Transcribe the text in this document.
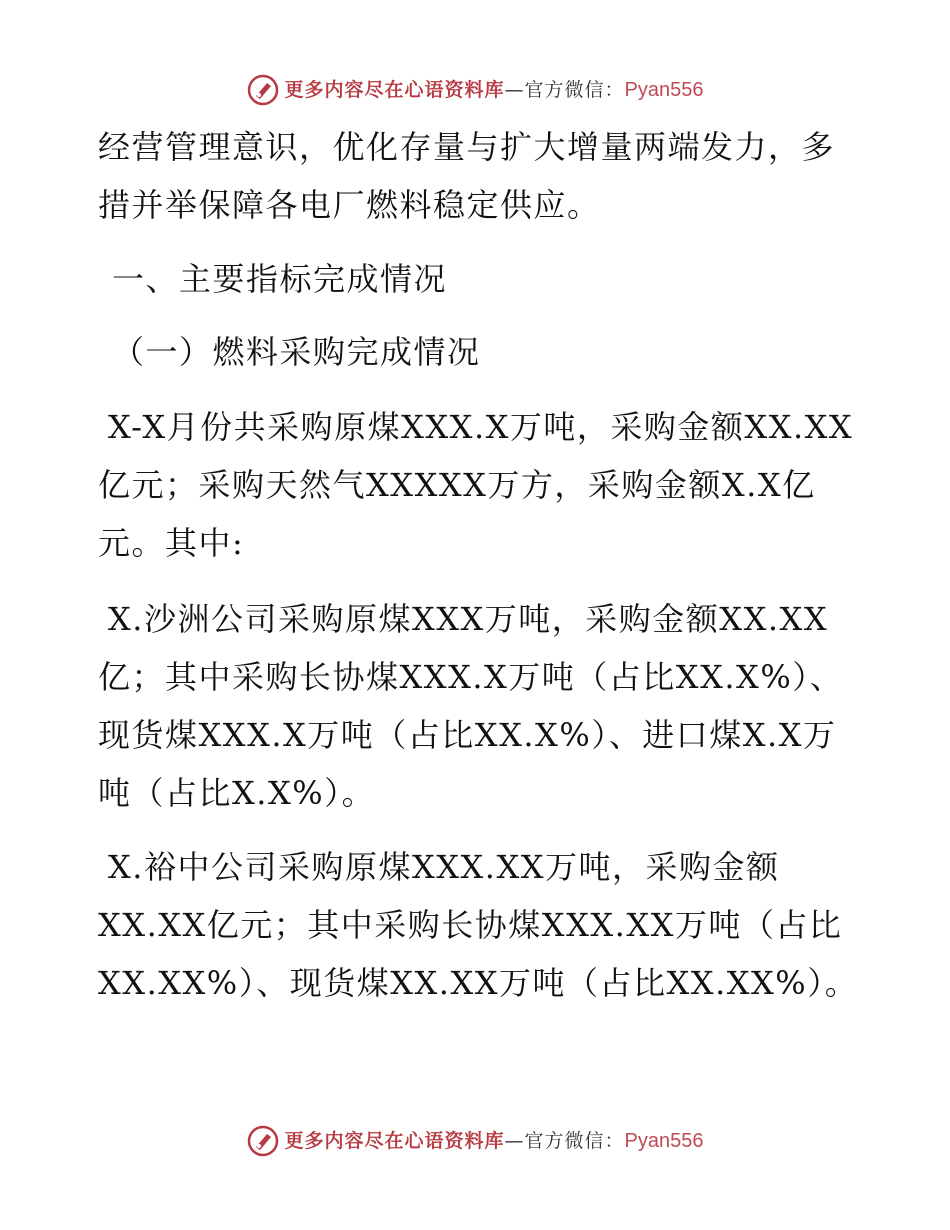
更多内容尽在心语资料库 — 官方微信： Pyan556
经营管理意识，优化存量与扩大增量两端发力，多
措并举保障各电厂燃料稳定供应。
一、主要指标完成情况
（一）燃料采购完成情况
X-X月份共采购原煤XXX.X万吨，采购金额XX.XX
亿元；采购天然气XXXXX万方，采购金额X.X亿
元。其中:
X.沙洲公司采购原煤XXX万吨，采购金额XX.XX
亿；其中采购长协煤XXX.X万吨（占比XX.X%）、
现货煤XXX.X万吨（占比XX.X%）、进口煤X.X万
吨（占比X.X%）。
X.裕中公司采购原煤XXX.XX万吨，采购金额
XX.XX亿元；其中采购长协煤XXX.XX万吨（占比
XX.XX%）、现货煤XX.XX万吨（占比XX.XX%）。
更多内容尽在心语资料库 — 官方微信： Pyan556
